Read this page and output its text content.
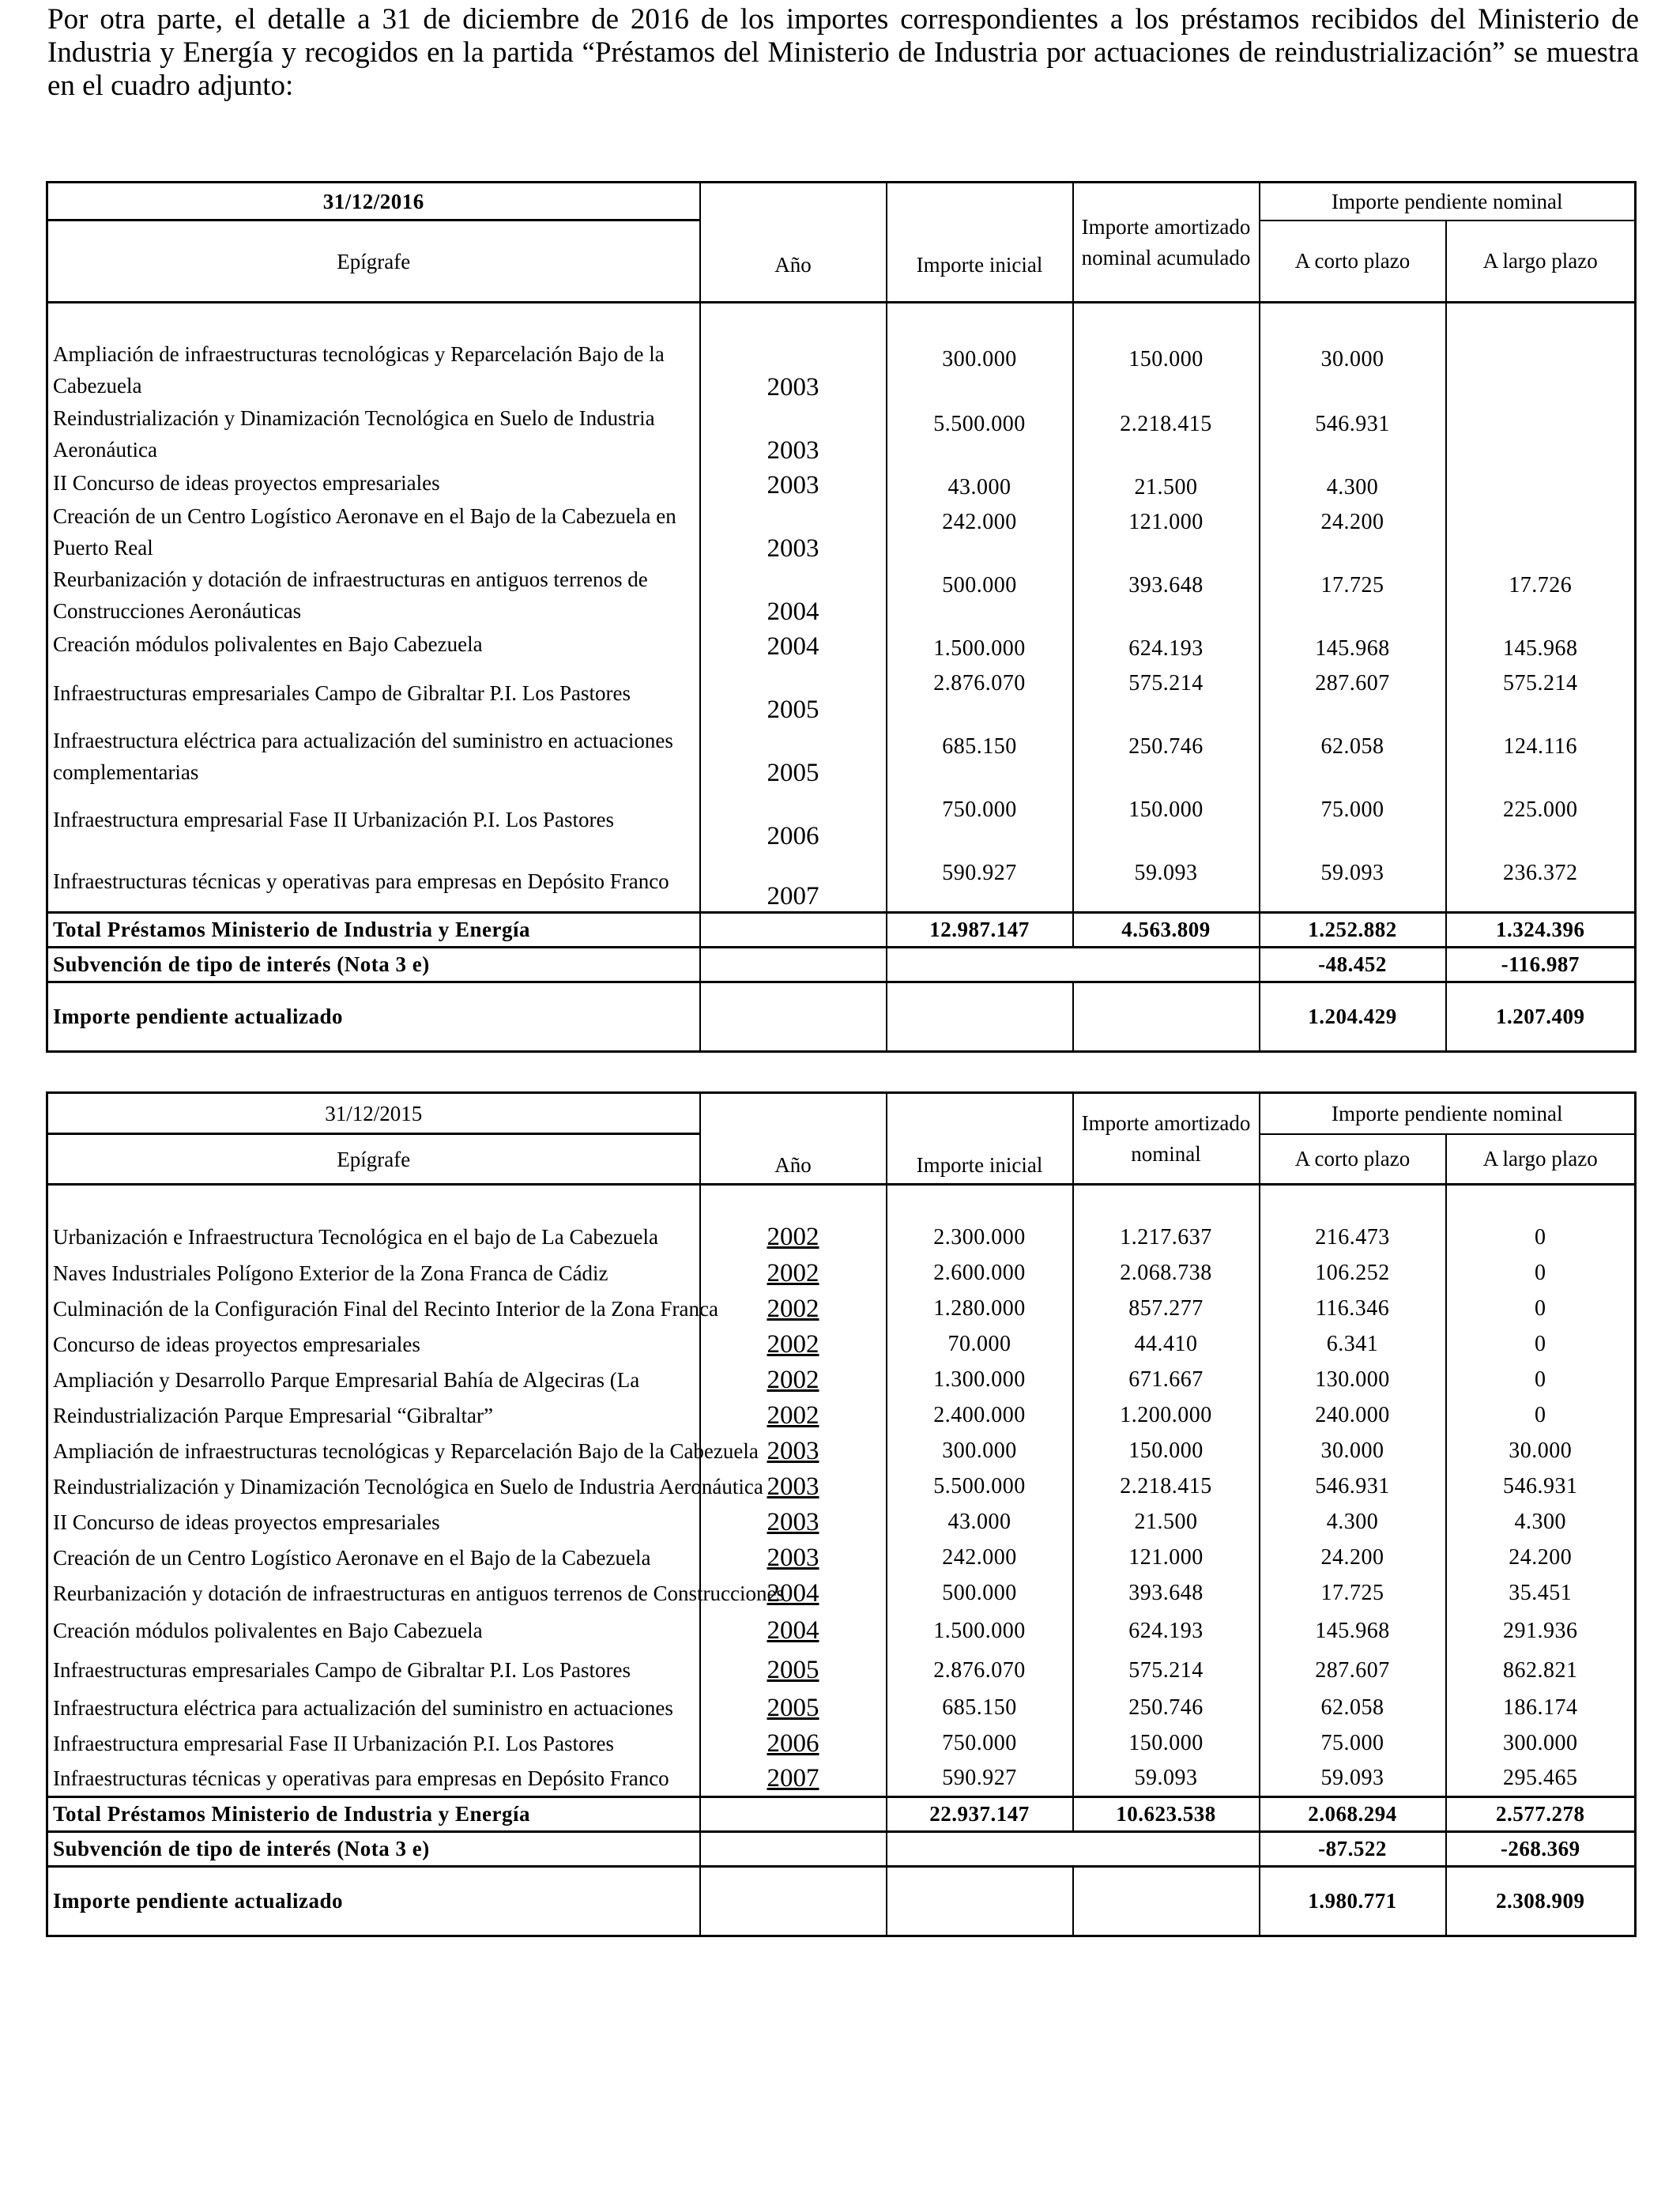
Por otra parte, el detalle a 31 de diciembre de 2016 de los importes correspondientes a los préstamos recibidos del Ministerio de Industria y Energía y recogidos en la partida “Préstamos del Ministerio de Industria por actuaciones de reindustrialización” se muestra en el cuadro adjunto:

31/12/2016	Año	Importe inicial	Importe amortizado nominal acumulado	Importe pendiente nominal	
Epígrafe				A corto plazo	A largo plazo

Ampliación de infraestructuras tecnológicas y Reparcelación Bajo de la Cabezuela	2003	300.000	150.000	30.000	
Reindustrialización y Dinamización Tecnológica en Suelo de Industria Aeronáutica	2003	5.500.000	2.218.415	546.931	
II Concurso de ideas proyectos empresariales	2003	43.000	21.500	4.300	
Creación de un Centro Logístico Aeronave en el Bajo de la Cabezuela en Puerto Real	2003	242.000	121.000	24.200	
Reurbanización y dotación de infraestructuras en antiguos terrenos de Construcciones Aeronáuticas	2004	500.000	393.648	17.725	17.726
Creación módulos polivalentes en Bajo Cabezuela	2004	1.500.000	624.193	145.968	145.968
Infraestructuras empresariales Campo de Gibraltar P.I. Los Pastores	2005	2.876.070	575.214	287.607	575.214
Infraestructura eléctrica para actualización del suministro en actuaciones complementarias	2005	685.150	250.746	62.058	124.116
Infraestructura empresarial Fase II Urbanización P.I. Los Pastores	2006	750.000	150.000	75.000	225.000
Infraestructuras técnicas y operativas para empresas en Depósito Franco	2007	590.927	59.093	59.093	236.372
Total Préstamos Ministerio de Industria y Energía		12.987.147	4.563.809	1.252.882	1.324.396
Subvención de tipo de interés (Nota 3 e)				-48.452	-116.987
Importe pendiente actualizado				1.204.429	1.207.409
31/12/2015	Año	Importe inicial	Importe amortizado nominal	Importe pendiente nominal	
Epígrafe				A corto plazo	A largo plazo

Urbanización e Infraestructura Tecnológica en el bajo de La Cabezuela	2002	2.300.000	1.217.637	216.473	0
Naves Industriales Polígono Exterior de la Zona Franca de Cádiz	2002	2.600.000	2.068.738	106.252	0
Culminación de la Configuración Final del Recinto Interior de la Zona Franca	2002	1.280.000	857.277	116.346	0
Concurso de ideas proyectos empresariales	2002	70.000	44.410	6.341	0
Ampliación y Desarrollo Parque Empresarial Bahía de Algeciras (La	2002	1.300.000	671.667	130.000	0
Reindustrialización Parque Empresarial “Gibraltar”	2002	2.400.000	1.200.000	240.000	0
Ampliación de infraestructuras tecnológicas y Reparcelación Bajo de la Cabezuela	2003	300.000	150.000	30.000	30.000
Reindustrialización y Dinamización Tecnológica en Suelo de Industria Aeronáutica	2003	5.500.000	2.218.415	546.931	546.931
II Concurso de ideas proyectos empresariales	2003	43.000	21.500	4.300	4.300
Creación de un Centro Logístico Aeronave en el Bajo de la Cabezuela	2003	242.000	121.000	24.200	24.200
Reurbanización y dotación de infraestructuras en antiguos terrenos de Construcciones	2004	500.000	393.648	17.725	35.451
Creación módulos polivalentes en Bajo Cabezuela	2004	1.500.000	624.193	145.968	291.936
Infraestructuras empresariales Campo de Gibraltar P.I. Los Pastores	2005	2.876.070	575.214	287.607	862.821
Infraestructura eléctrica para actualización del suministro en actuaciones	2005	685.150	250.746	62.058	186.174
Infraestructura empresarial Fase II Urbanización P.I. Los Pastores	2006	750.000	150.000	75.000	300.000
Infraestructuras técnicas y operativas para empresas en Depósito Franco	2007	590.927	59.093	59.093	295.465
Total Préstamos Ministerio de Industria y Energía		22.937.147	10.623.538	2.068.294	2.577.278
Subvención de tipo de interés (Nota 3 e)				-87.522	-268.369
Importe pendiente actualizado				1.980.771	2.308.909
